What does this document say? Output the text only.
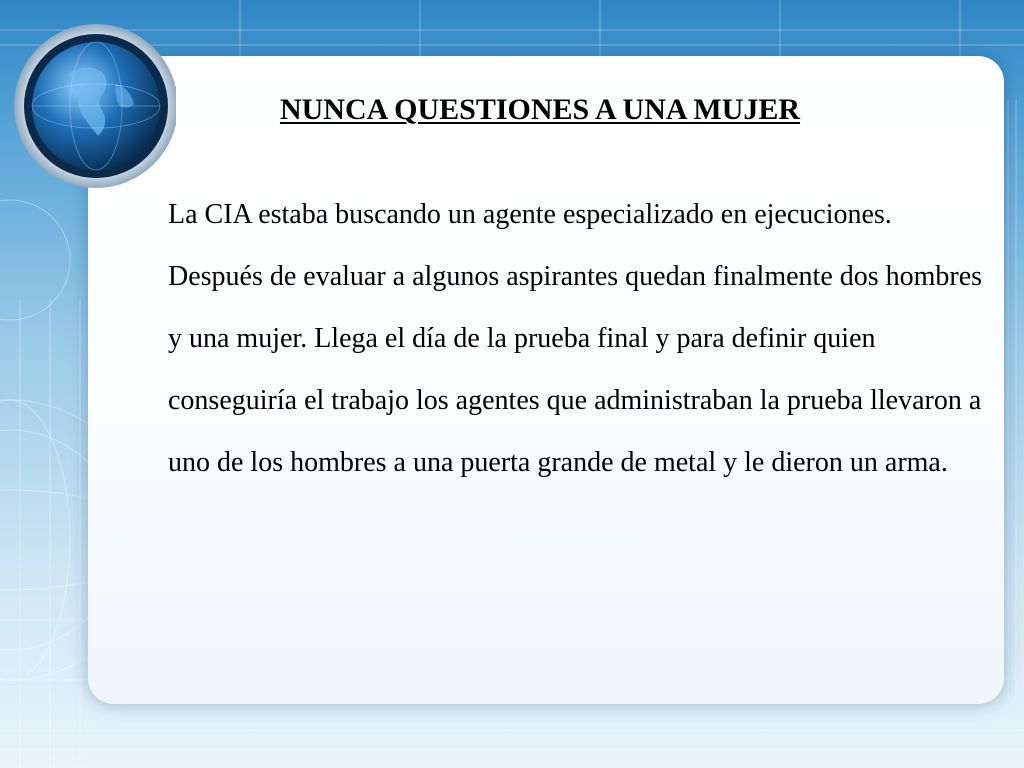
NUNCA QUESTIONES A UNA MUJER

La CIA estaba buscando un agente especializado en ejecuciones.

Después de evaluar a algunos aspirantes quedan finalmente dos hombres y una mujer. Llega el día de la prueba final y para definir quien conseguiría el trabajo los agentes que administraban la prueba llevaron a uno de los hombres a una puerta grande de metal y le dieron un arma.
